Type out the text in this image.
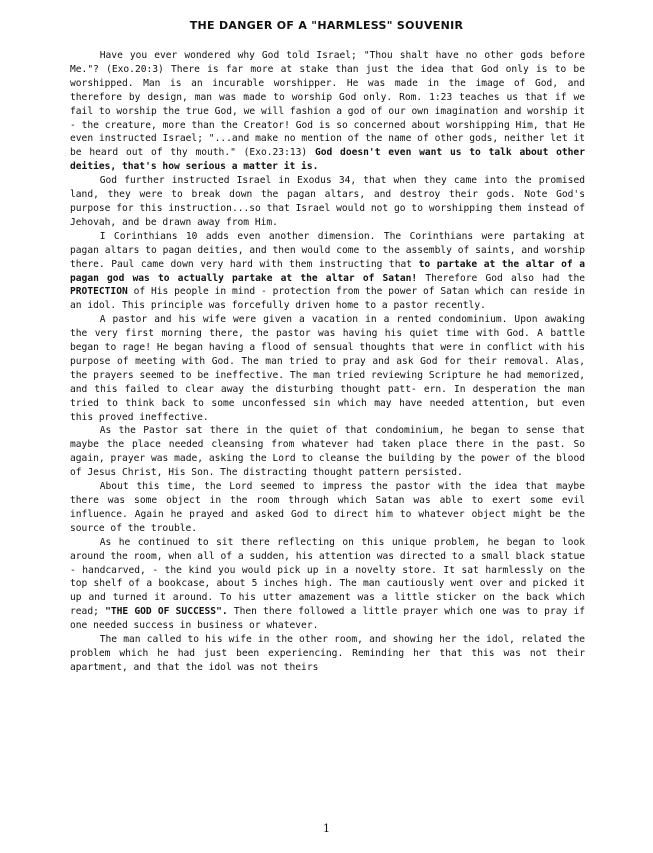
THE DANGER OF A "HARMLESS" SOUVENIR

Have you ever wondered why God told Israel; "Thou shalt have no other gods before Me."? (Exo.20:3) There is far more at stake than just the idea that God only is to be worshipped. Man is an incurable worshipper. He was made in the image of God, and therefore by design, man was made to worship God only. Rom. 1:23 teaches us that if we fail to worship the true God, we will fashion a god of our own imagination and worship it - the creature, more than the Creator! God is so concerned about worshipping Him, that He even instructed Israel; "...and make no mention of the name of other gods, neither let it be heard out of thy mouth." (Exo.23:13) God doesn't even want us to talk about other deities, that's how serious a matter it is.

God further instructed Israel in Exodus 34, that when they came into the promised land, they were to break down the pagan altars, and destroy their gods. Note God's purpose for this instruction...so that Israel would not go to worshipping them instead of Jehovah, and be drawn away from Him.

I Corinthians 10 adds even another dimension. The Corinthians were partaking at pagan altars to pagan deities, and then would come to the assembly of saints, and worship there. Paul came down very hard with them instructing that to partake at the altar of a pagan god was to actually partake at the altar of Satan! Therefore God also had the PROTECTION of His people in mind - protection from the power of Satan which can reside in an idol. This principle was forcefully driven home to a pastor recently.

A pastor and his wife were given a vacation in a rented condominium. Upon awaking the very first morning there, the pastor was having his quiet time with God. A battle began to rage! He began having a flood of sensual thoughts that were in conflict with his purpose of meeting with God. The man tried to pray and ask God for their removal. Alas, the prayers seemed to be ineffective. The man tried reviewing Scripture he had memorized, and this failed to clear away the disturbing thought patt- ern. In desperation the man tried to think back to some unconfessed sin which may have needed attention, but even this proved ineffective.

As the Pastor sat there in the quiet of that condominium, he began to sense that maybe the place needed cleansing from whatever had taken place there in the past. So again, prayer was made, asking the Lord to cleanse the building by the power of the blood of Jesus Christ, His Son. The distracting thought pattern persisted.

About this time, the Lord seemed to impress the pastor with the idea that maybe there was some object in the room through which Satan was able to exert some evil influence. Again he prayed and asked God to direct him to whatever object might be the source of the trouble.

As he continued to sit there reflecting on this unique problem, he began to look around the room, when all of a sudden, his attention was directed to a small black statue - handcarved, - the kind you would pick up in a novelty store. It sat harmlessly on the top shelf of a bookcase, about 5 inches high. The man cautiously went over and picked it up and turned it around. To his utter amazement was a little sticker on the back which read; "THE GOD OF SUCCESS". Then there followed a little prayer which one was to pray if one needed success in business or whatever.

The man called to his wife in the other room, and showing her the idol, related the problem which he had just been experiencing. Reminding her that this was not their apartment, and that the idol was not theirs

1
